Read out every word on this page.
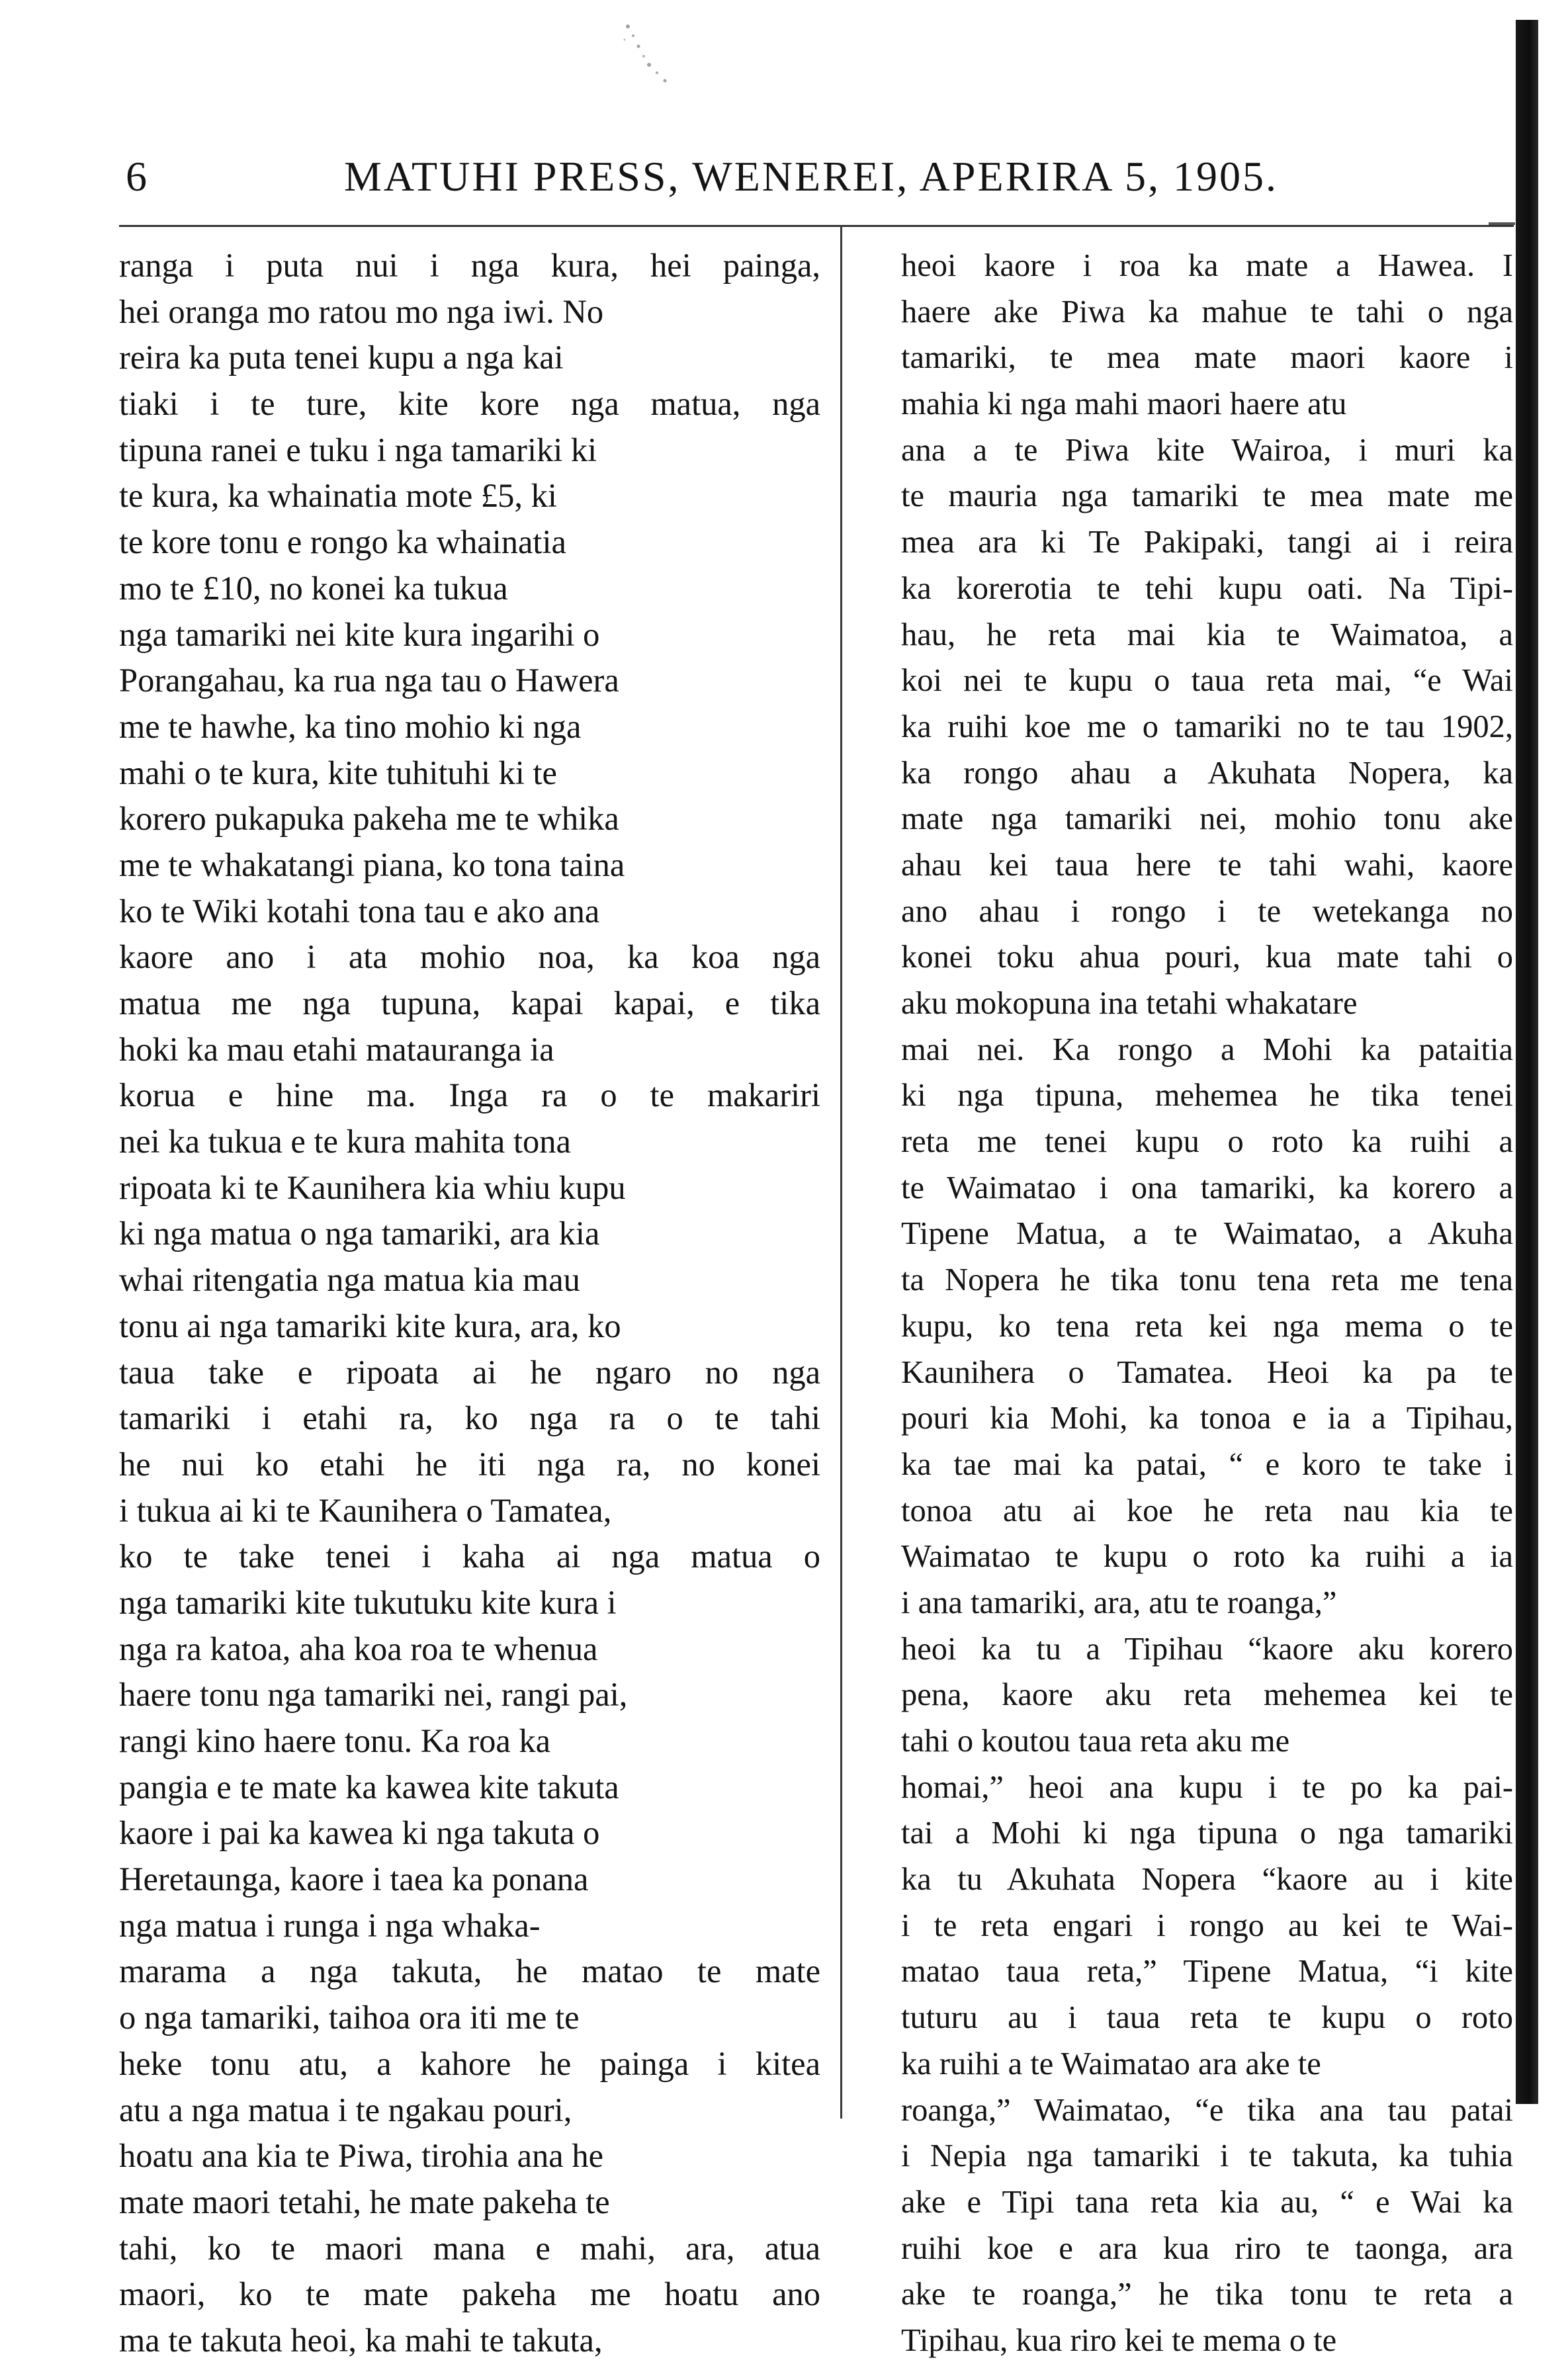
6	MATUHI PRESS, WENEREI, APERIRA 5, 1905.
ranga i puta nui i nga kura, hei painga,
hei oranga mo ratou mo nga iwi. No
reira ka puta tenei kupu a nga kai
tiaki i te ture, kite kore nga matua, nga
tipuna ranei e tuku i nga tamariki ki
te kura, ka whainatia mote £5, ki
te kore tonu e rongo ka whainatia
mo te £10, no konei ka tukua
nga tamariki nei kite kura ingarihi o
Porangahau, ka rua nga tau o Hawera
me te hawhe, ka tino mohio ki nga
mahi o te kura, kite tuhituhi ki te
korero pukapuka pakeha me te whika
me te whakatangi piana, ko tona taina
ko te Wiki kotahi tona tau e ako ana
kaore ano i ata mohio noa, ka koa nga
matua me nga tupuna, kapai kapai, e tika
hoki ka mau etahi matauranga ia
korua e hine ma. Inga ra o te makariri
nei ka tukua e te kura mahita tona
ripoata ki te Kaunihera kia whiu kupu
ki nga matua o nga tamariki, ara kia
whai ritengatia nga matua kia mau
tonu ai nga tamariki kite kura, ara, ko
taua take e ripoata ai he ngaro no nga
tamariki i etahi ra, ko nga ra o te tahi
he nui ko etahi he iti nga ra, no konei
i tukua ai ki te Kaunihera o Tamatea,
ko te take tenei i kaha ai nga matua o
nga tamariki kite tukutuku kite kura i
nga ra katoa, aha koa roa te whenua
haere tonu nga tamariki nei, rangi pai,
rangi kino haere tonu. Ka roa ka
pangia e te mate ka kawea kite takuta
kaore i pai ka kawea ki nga takuta o
Heretaunga, kaore i taea ka ponana
nga matua i runga i nga whaka-
marama a nga takuta, he matao te mate
o nga tamariki, taihoa ora iti me te
heke tonu atu, a kahore he painga i kitea
atu a nga matua i te ngakau pouri,
hoatu ana kia te Piwa, tirohia ana he
mate maori tetahi, he mate pakeha te
tahi, ko te maori mana e mahi, ara, atua
maori, ko te mate pakeha me hoatu ano
ma te takuta heoi, ka mahi te takuta,
heoi kaore i roa ka mate a Hawea. I
haere ake Piwa ka mahue te tahi o nga
tamariki, te mea mate maori kaore i
mahia ki nga mahi maori haere atu
ana a te Piwa kite Wairoa, i muri ka
te mauria nga tamariki te mea mate me
mea ara ki Te Pakipaki, tangi ai i reira
ka korerotia te tehi kupu oati. Na Tipi-
hau, he reta mai kia te Waimatoa, a
koi nei te kupu o taua reta mai, “e Wai
ka ruihi koe me o tamariki no te tau 1902,
ka rongo ahau a Akuhata Nopera, ka
mate nga tamariki nei, mohio tonu ake
ahau kei taua here te tahi wahi, kaore
ano ahau i rongo i te wetekanga no
konei toku ahua pouri, kua mate tahi o
aku mokopuna ina tetahi whakatare
mai nei. Ka rongo a Mohi ka pataitia
ki nga tipuna, mehemea he tika tenei
reta me tenei kupu o roto ka ruihi a
te Waimatao i ona tamariki, ka korero a
Tipene Matua, a te Waimatao, a Akuha
ta Nopera he tika tonu tena reta me tena
kupu, ko tena reta kei nga mema o te
Kaunihera o Tamatea. Heoi ka pa te
pouri kia Mohi, ka tonoa e ia a Tipihau,
ka tae mai ka patai, “ e koro te take i
tonoa atu ai koe he reta nau kia te
Waimatao te kupu o roto ka ruihi a ia
i ana tamariki, ara, atu te roanga,”
heoi ka tu a Tipihau “kaore aku korero
pena, kaore aku reta mehemea kei te
tahi o koutou taua reta aku me
homai,” heoi ana kupu i te po ka pai-
tai a Mohi ki nga tipuna o nga tamariki
ka tu Akuhata Nopera “kaore au i kite
i te reta engari i rongo au kei te Wai-
matao taua reta,” Tipene Matua, “i kite
tuturu au i taua reta te kupu o roto
ka ruihi a te Waimatao ara ake te
roanga,” Waimatao, “e tika ana tau patai
i Nepia nga tamariki i te takuta, ka tuhia
ake e Tipi tana reta kia au, “ e Wai ka
ruihi koe e ara kua riro te taonga, ara
ake te roanga,” he tika tonu te reta a
Tipihau, kua riro kei te mema o te
